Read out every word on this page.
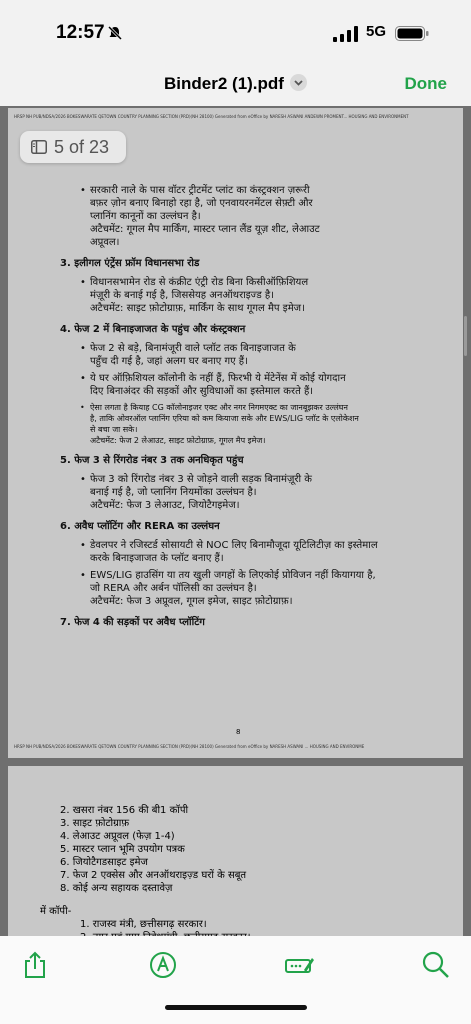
12:57	5G
Binder2 (1).pdf	Done
HRSP NH PUB/NDSA/2026 BOKESWARATE QETOWN COUNTRY PLANNING SECTION (PRD)(NH 28100) Generated from eOffice by NARESH ASWANI ANDEWN PROMENT... HOUSING AND ENVIRONMENT
• सरकारी नाले के पास वॉटर ट्रीटमेंट प्लांट का कंस्ट्रक्शन ज़रूरी
बफ़र ज़ोन बनाए बिनाहो रहा है, जो एनवायरनमेंटल सेफ़्टी और
प्लानिंग कानूनों का उल्लंघन है।
अटैचमेंट: गूगल मैप मार्किंग, मास्टर प्लान लैंड यूज़ शीट, लेआउट
अप्रूवल।
3. इलीगल एंट्रेंस फ्रॉम विधानसभा रोड
• विधानसभामेन रोड से कंक्रीट एंट्री रोड बिना किसीऑफ़िशियल
मंज़ूरी के बनाई गई है, जिससेयह अनऑथराइज्ड है।
अटैचमेंट: साइट फ़ोटोग्राफ़, मार्किंग के साथ गूगल मैप इमेज।
4. फेज 2 में बिनाइजाजत के पहुंच और कंस्ट्रक्शन
• फेज 2 से बड़े, बिनामंजूरी वाले प्लॉट तक बिनाइजाजत के
पहुँच दी गई है, जहां अलग घर बनाए गए हैं।
• ये घर ऑफ़िशियल कॉलोनी के नहीं हैं, फिरभी ये मेंटेनेंस में कोई योगदान
दिए बिनाअंदर की सड़कों और सुविधाओं का इस्तेमाल करते हैं।
• ऐसा लगता है कियाह CG कॉलोनाइजर एक्ट और नगर निगमएक्ट का जानबूझकर उल्लंघन
है, ताकि ओवरऑल प्लानिंग एरिया को कम कियाजा सके और EWS/LIG प्लॉट के एलोकेशन
से बचा जा सके।
अटैचमेंट: फेज 2 लेआउट, साइट फ़ोटोग्राफ़, गूगल मैप इमेज।
5. फेज 3 से रिंगरोड नंबर 3 तक अनधिकृत पहुंच
• फेज 3 को रिंगरोड नंबर 3 से जोड़ने वाली सड़क बिनामंज़ूरी के
बनाई गई है, जो प्लानिंग नियमोंका उल्लंघन है।
अटैचमेंट: फेज 3 लेआउट, जियोटैगइमेज।
6. अवैध प्लॉटिंग और RERA का उल्लंघन
• डेवलपर ने रजिस्टर्ड सोसायटी से NOC लिए बिनामौजूदा यूटिलिटीज़ का इस्तेमाल
करके बिनाइजाजत के प्लॉट बनाए हैं।
• EWS/LIG हाउसिंग या तय खुली जगहों के लिएकोई प्रोविजन नहीं कियागया है,
जो RERA और अर्बन पॉलिसी का उल्लंघन है।
अटैचमेंट: फेज 3 अप्रूवल, गूगल इमेज, साइट फ़ोटोग्राफ़।
7. फेज 4 की सड़कों पर अवैध प्लॉटिंग
8
HRSP NH PUB/NDSA/2026 BOKESWARATE QETOWN COUNTRY PLANNING SECTION (PRD)(NH 28100) Generated from eOffice by NARESH ASWANI ... HOUSING AND ENVIRONME
5 of 23
2. खसरा नंबर 156 की बी1 कॉपी
3. साइट फ़ोटोग्राफ़
4. लेआउट अप्रूवल (फेज़ 1-4)
5. मास्टर प्लान भूमि उपयोग पत्रक
6. जियोटैगडसाइट इमेज
7. फेज 2 एक्सेस और अनऑथराइज़्ड घरों के सबूत
8. कोई अन्य सहायक दस्तावेज़
में कॉपी-
1. राजस्व मंत्री, छत्तीसगढ़ सरकार।
